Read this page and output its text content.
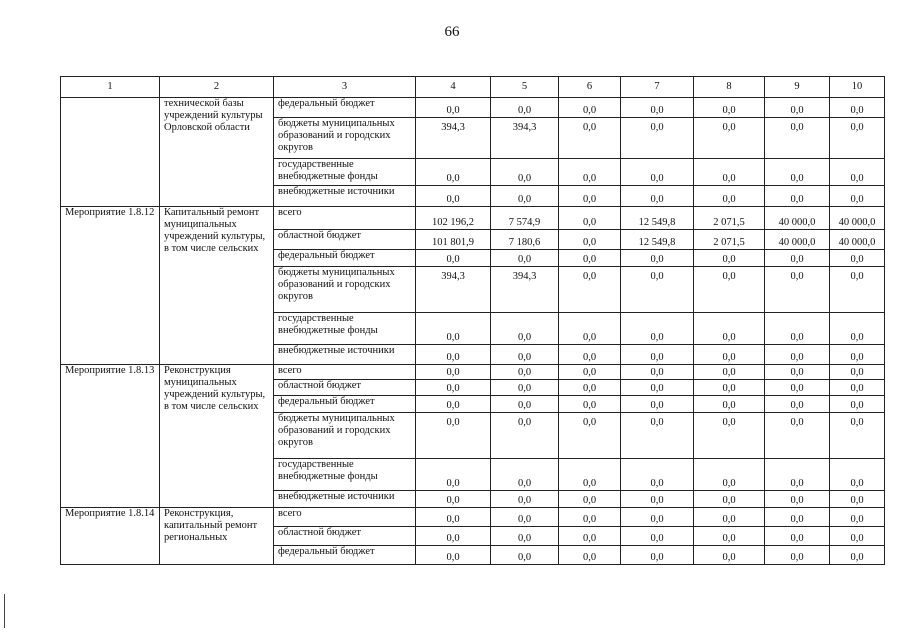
66
1	2	3	4	5	6	7	8	9	10
	технической базы учреждений культуры Орловской области	федеральный бюджет	0,0	0,0	0,0	0,0	0,0	0,0	0,0
		бюджеты муниципальных образований и городских округов	394,3	394,3	0,0	0,0	0,0	0,0	0,0
		государственные внебюджетные фонды	0,0	0,0	0,0	0,0	0,0	0,0	0,0
		внебюджетные источники	0,0	0,0	0,0	0,0	0,0	0,0	0,0
Мероприятие 1.8.12	Капитальный ремонт муниципальных учреждений культуры, в том числе сельских	всего	102 196,2	7 574,9	0,0	12 549,8	2 071,5	40 000,0	40 000,0
		областной бюджет	101 801,9	7 180,6	0,0	12 549,8	2 071,5	40 000,0	40 000,0
		федеральный бюджет	0,0	0,0	0,0	0,0	0,0	0,0	0,0
		бюджеты муниципальных образований и городских округов	394,3	394,3	0,0	0,0	0,0	0,0	0,0
		государственные внебюджетные фонды	0,0	0,0	0,0	0,0	0,0	0,0	0,0
		внебюджетные источники	0,0	0,0	0,0	0,0	0,0	0,0	0,0
Мероприятие 1.8.13	Реконструкция муниципальных учреждений культуры, в том числе сельских	всего	0,0	0,0	0,0	0,0	0,0	0,0	0,0
		областной бюджет	0,0	0,0	0,0	0,0	0,0	0,0	0,0
		федеральный бюджет	0,0	0,0	0,0	0,0	0,0	0,0	0,0
		бюджеты муниципальных образований и городских округов	0,0	0,0	0,0	0,0	0,0	0,0	0,0
		государственные внебюджетные фонды	0,0	0,0	0,0	0,0	0,0	0,0	0,0
		внебюджетные источники	0,0	0,0	0,0	0,0	0,0	0,0	0,0
Мероприятие 1.8.14	Реконструкция, капитальный ремонт региональных	всего	0,0	0,0	0,0	0,0	0,0	0,0	0,0
		областной бюджет	0,0	0,0	0,0	0,0	0,0	0,0	0,0
		федеральный бюджет	0,0	0,0	0,0	0,0	0,0	0,0	0,0
